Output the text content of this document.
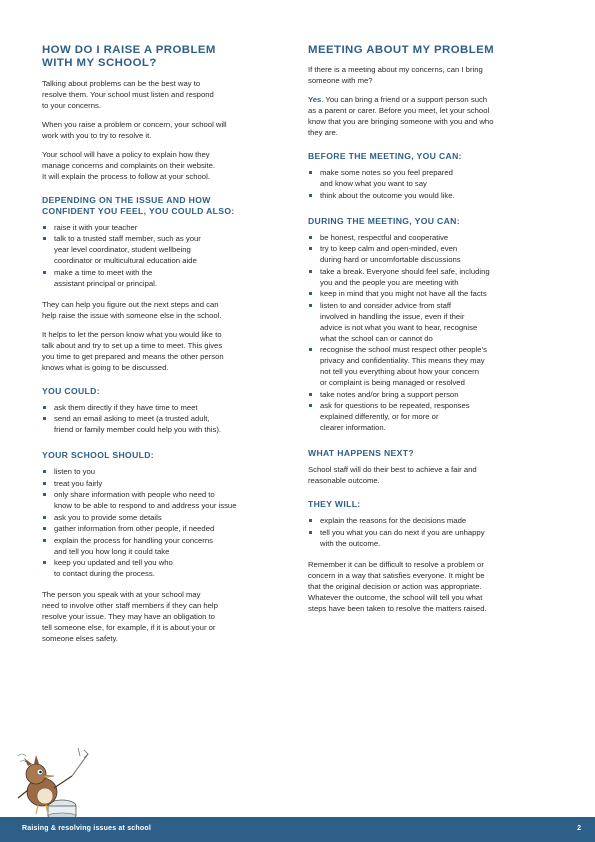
HOW DO I RAISE A PROBLEM
WITH MY SCHOOL?

Talking about problems can be the best way to
resolve them. Your school must listen and respond
to your concerns.

When you raise a problem or concern, your school will
work with you to try to resolve it.

Your school will have a policy to explain how they
manage concerns and complaints on their website.
It will explain the process to follow at your school.

DEPENDING ON THE ISSUE AND HOW
CONFIDENT YOU FEEL, YOU COULD ALSO:
raise it with your teacher
talk to a trusted staff member, such as your
year level coordinator, student wellbeing
coordinator or multicultural education aide
make a time to meet with the
assistant principal or principal.

They can help you figure out the next steps and can
help raise the issue with someone else in the school.

It helps to let the person know what you would like to
talk about and try to set up a time to meet. This gives
you time to get prepared and means the other person
knows what is going to be discussed.

YOU COULD:
ask them directly if they have time to meet
send an email asking to meet (a trusted adult,
friend or family member could help you with this).
YOUR SCHOOL SHOULD:
listen to you
treat you fairly
only share information with people who need to
know to be able to respond to and address your issue
ask you to provide some details
gather information from other people, if needed
explain the process for handling your concerns
and tell you how long it could take
keep you updated and tell you who
to contact during the process.

The person you speak with at your school may
need to involve other staff members if they can help
resolve your issue. They may have an obligation to
tell someone else, for example, if it is about your or
someone elses safety.

MEETING ABOUT MY PROBLEM

If there is a meeting about my concerns, can I bring
someone with me?

Yes. You can bring a friend or a support person such
as a parent or carer. Before you meet, let your school
know that you are bringing someone with you and who
they are.

BEFORE THE MEETING, YOU CAN:
make some notes so you feel prepared
and know what you want to say
think about the outcome you would like.
DURING THE MEETING, YOU CAN:
be honest, respectful and cooperative
try to keep calm and open-minded, even
during hard or uncomfortable discussions
take a break. Everyone should feel safe, including
you and the people you are meeting with
keep in mind that you might not have all the facts
listen to and consider advice from staff
involved in handling the issue, even if their
advice is not what you want to hear, recognise
what the school can or cannot do
recognise the school must respect other people’s
privacy and confidentiality. This means they may
not tell you everything about how your concern
or complaint is being managed or resolved
take notes and/or bring a support person
ask for questions to be repeated, responses
explained differently, or for more or
clearer information.
WHAT HAPPENS NEXT?

School staff will do their best to achieve a fair and
reasonable outcome.

THEY WILL:
explain the reasons for the decisions made
tell you what you can do next if you are unhappy
with the outcome.

Remember it can be difficult to resolve a problem or
concern in a way that satisfies everyone. It might be
that the original decision or action was appropriate.
Whatever the outcome, the school will tell you what
steps have been taken to resolve the matters raised.

Raising & resolving issues at school	2
